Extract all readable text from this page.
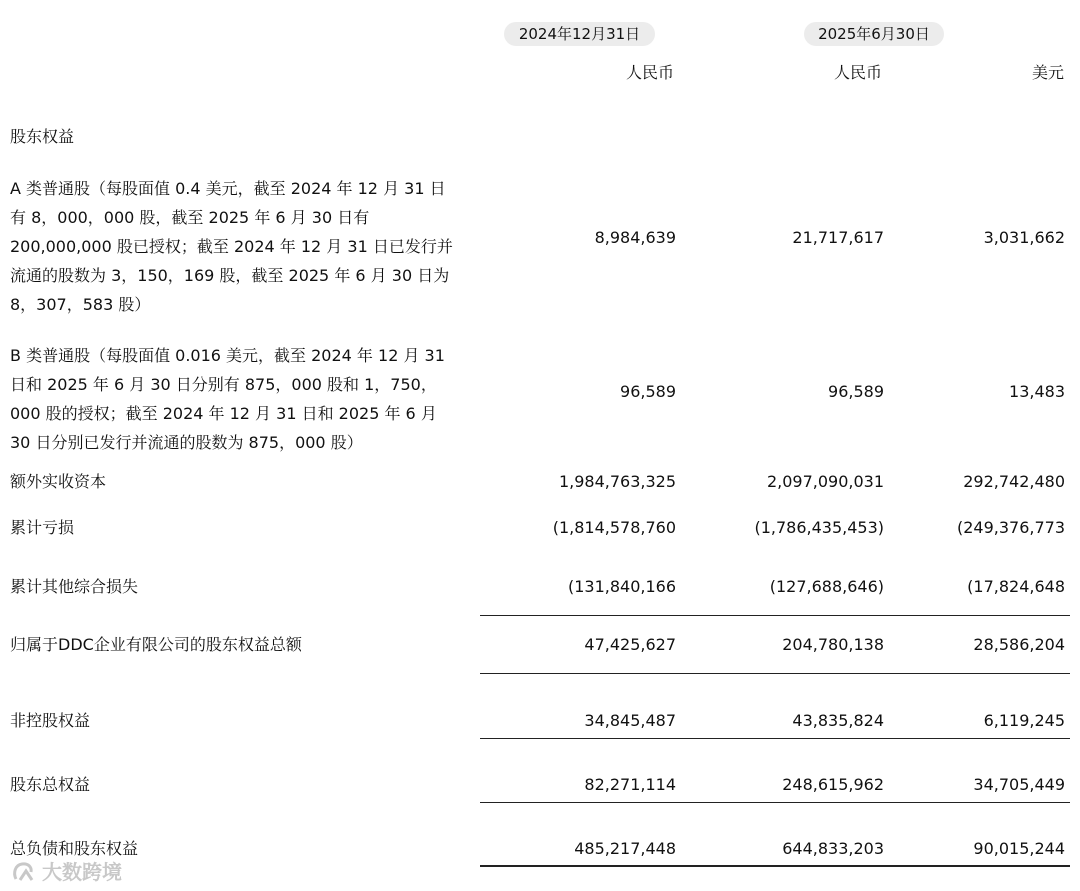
2024年12月31日	2025年6月30日
人民币	人民币	美元
股东权益
A 类普通股（每股面值 0.4 美元，截至 2024 年 12 月 31 日
有 8，000，000 股，截至 2025 年 6 月 30 日有
200,000,000 股已授权；截至 2024 年 12 月 31 日已发行并
流通的股数为 3，150，169 股，截至 2025 年 6 月 30 日为
8，307，583 股）
8,984,639	21,717,617	3,031,662
B 类普通股（每股面值 0.016 美元，截至 2024 年 12 月 31
日和 2025 年 6 月 30 日分别有 875，000 股和 1，750，
000 股的授权；截至 2024 年 12 月 31 日和 2025 年 6 月
30 日分别已发行并流通的股数为 875，000 股）
96,589	96,589	13,483
额外实收资本	1,984,763,325	2,097,090,031	292,742,480
累计亏损	(1,814,578,760	(1,786,435,453)	(249,376,773
累计其他综合损失	(131,840,166	(127,688,646)	(17,824,648
归属于DDC企业有限公司的股东权益总额	47,425,627	204,780,138	28,586,204
非控股权益	34,845,487	43,835,824	6,119,245
股东总权益	82,271,114	248,615,962	34,705,449
总负债和股东权益	485,217,448	644,833,203	90,015,244
大数跨境
